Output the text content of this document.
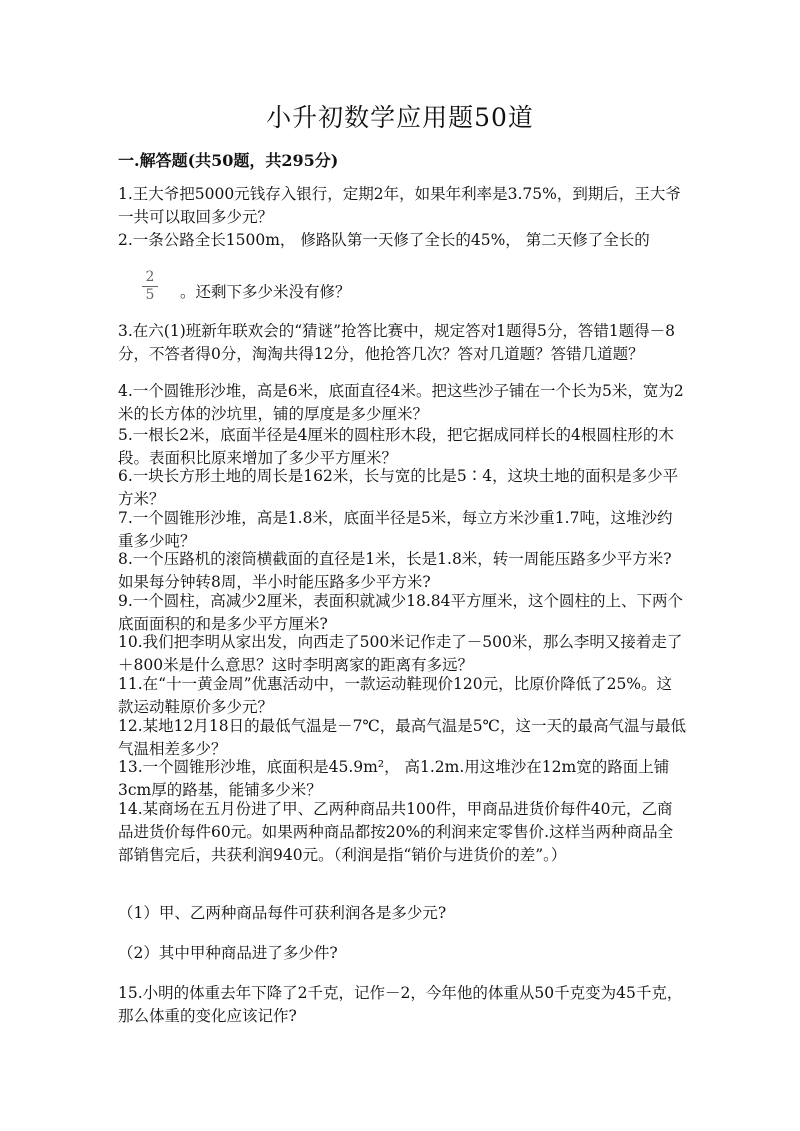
小升初数学应用题50道
一.解答题(共50题，共295分)

1.王大爷把5000元钱存入银行，定期2年，如果年利率是3.75%，到期后，王大爷一共可以取回多少元？

2.一条公路全长1500m， 修路队第一天修了全长的45%， 第二天修了全长的

2
5	。还剩下多少米没有修？

3.在六(1)班新年联欢会的“猜谜”抢答比赛中，规定答对1题得5分，答错1题得－8分，不答者得0分，淘淘共得12分，他抢答几次？答对几道题？答错几道题？

4.一个圆锥形沙堆，高是6米，底面直径4米。把这些沙子铺在一个长为5米，宽为2米的长方体的沙坑里，铺的厚度是多少厘米？

5.一根长2米，底面半径是4厘米的圆柱形木段，把它据成同样长的4根圆柱形的木段。表面积比原来增加了多少平方厘米？

6.一块长方形土地的周长是162米，长与宽的比是5∶4，这块土地的面积是多少平方米？

7.一个圆锥形沙堆，高是1.8米，底面半径是5米，每立方米沙重1.7吨，这堆沙约重多少吨？

8.一个压路机的滚筒横截面的直径是1米，长是1.8米，转一周能压路多少平方米?如果每分钟转8周，半小时能压路多少平方米?

9.一个圆柱，高减少2厘米，表面积就减少18.84平方厘米，这个圆柱的上、下两个底面面积的和是多少平方厘米?

10.我们把李明从家出发，向西走了500米记作走了－500米，那么李明又接着走了＋800米是什么意思？这时李明离家的距离有多远？

11.在“十一黄金周”优惠活动中，一款运动鞋现价120元，比原价降低了25%。这款运动鞋原价多少元？

12.某地12月18日的最低气温是－7℃，最高气温是5℃，这一天的最高气温与最低气温相差多少？

13.一个圆锥形沙堆，底面积是45.9m²， 高1.2m.用这堆沙在12m宽的路面上铺3cm厚的路基，能铺多少米？

14.某商场在五月份进了甲、乙两种商品共100件，甲商品进货价每件40元，乙商品进货价每件60元。如果两种商品都按20%的利润来定零售价.这样当两种商品全部销售完后，共获利润940元。（利润是指“销价与进货价的差”。）

（1）甲、乙两种商品每件可获利润各是多少元?

（2）其中甲种商品进了多少件?

15.小明的体重去年下降了2千克，记作－2，今年他的体重从50千克变为45千克，那么体重的变化应该记作?
